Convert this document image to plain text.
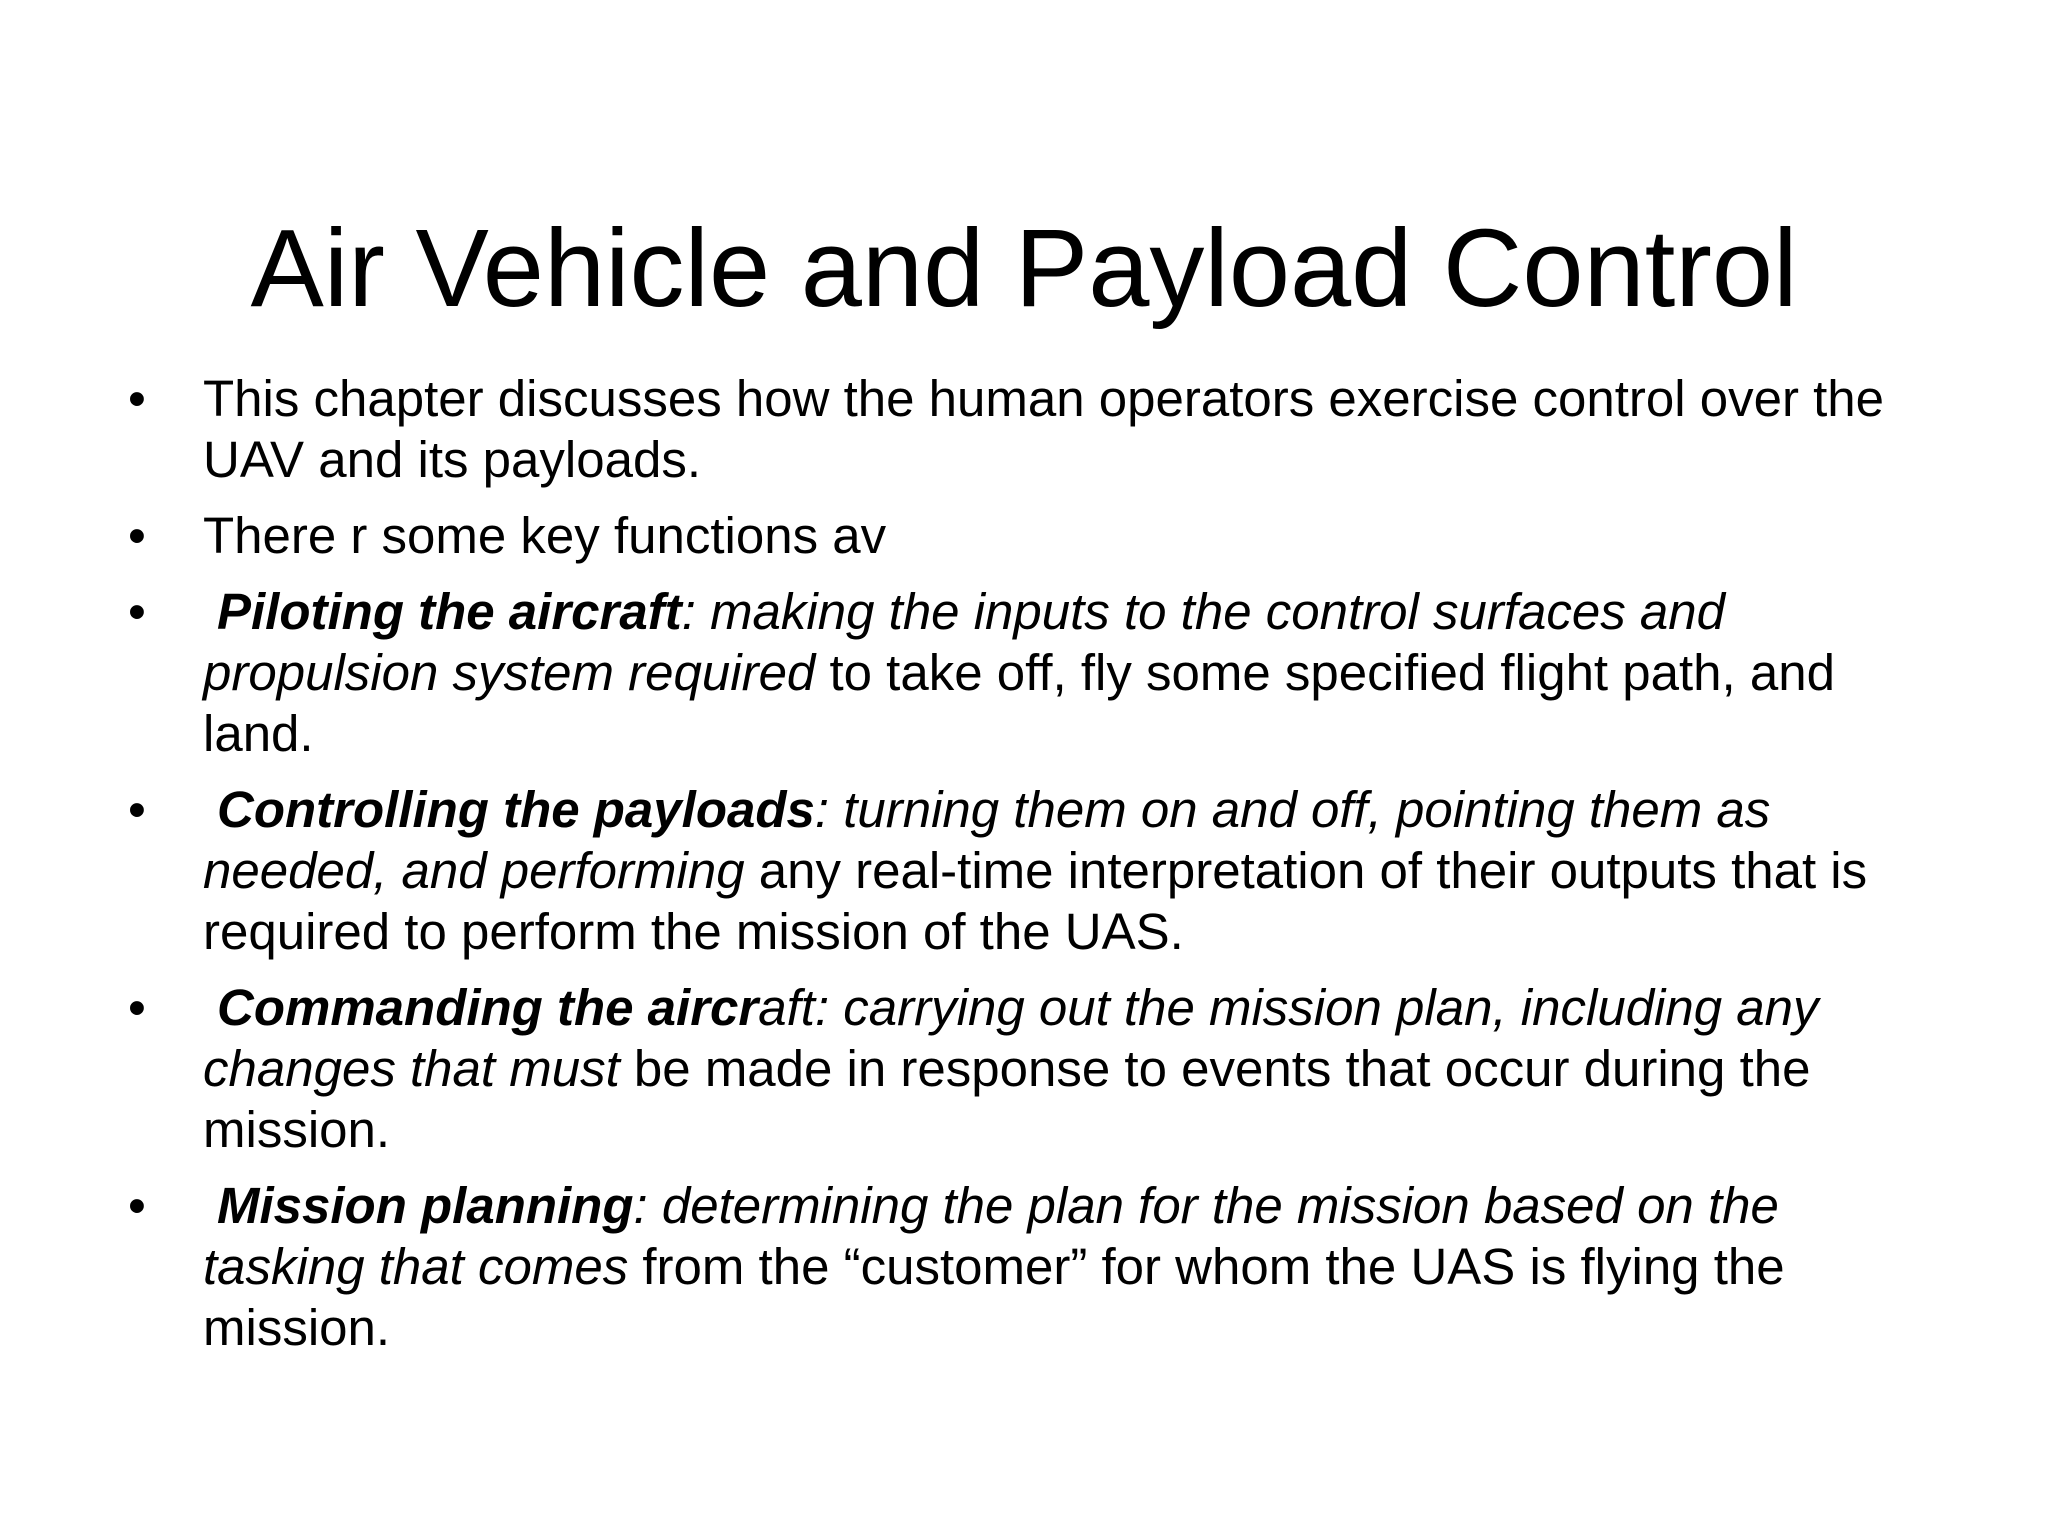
Air Vehicle and Payload Control
•	This chapter discusses how the human operators exercise control over the UAV and its payloads.
•	There r some key functions av
•	Piloting the aircraft: making the inputs to the control surfaces and propulsion system required to take off, fly some specified flight path, and land.
•	Controlling the payloads: turning them on and off, pointing them as needed, and performing any real-time interpretation of their outputs that is required to perform the mission of the UAS.
•	Commanding the aircraft: carrying out the mission plan, including any changes that must be made in response to events that occur during the mission.
•	Mission planning: determining the plan for the mission based on the tasking that comes from the “customer” for whom the UAS is flying the mission.
